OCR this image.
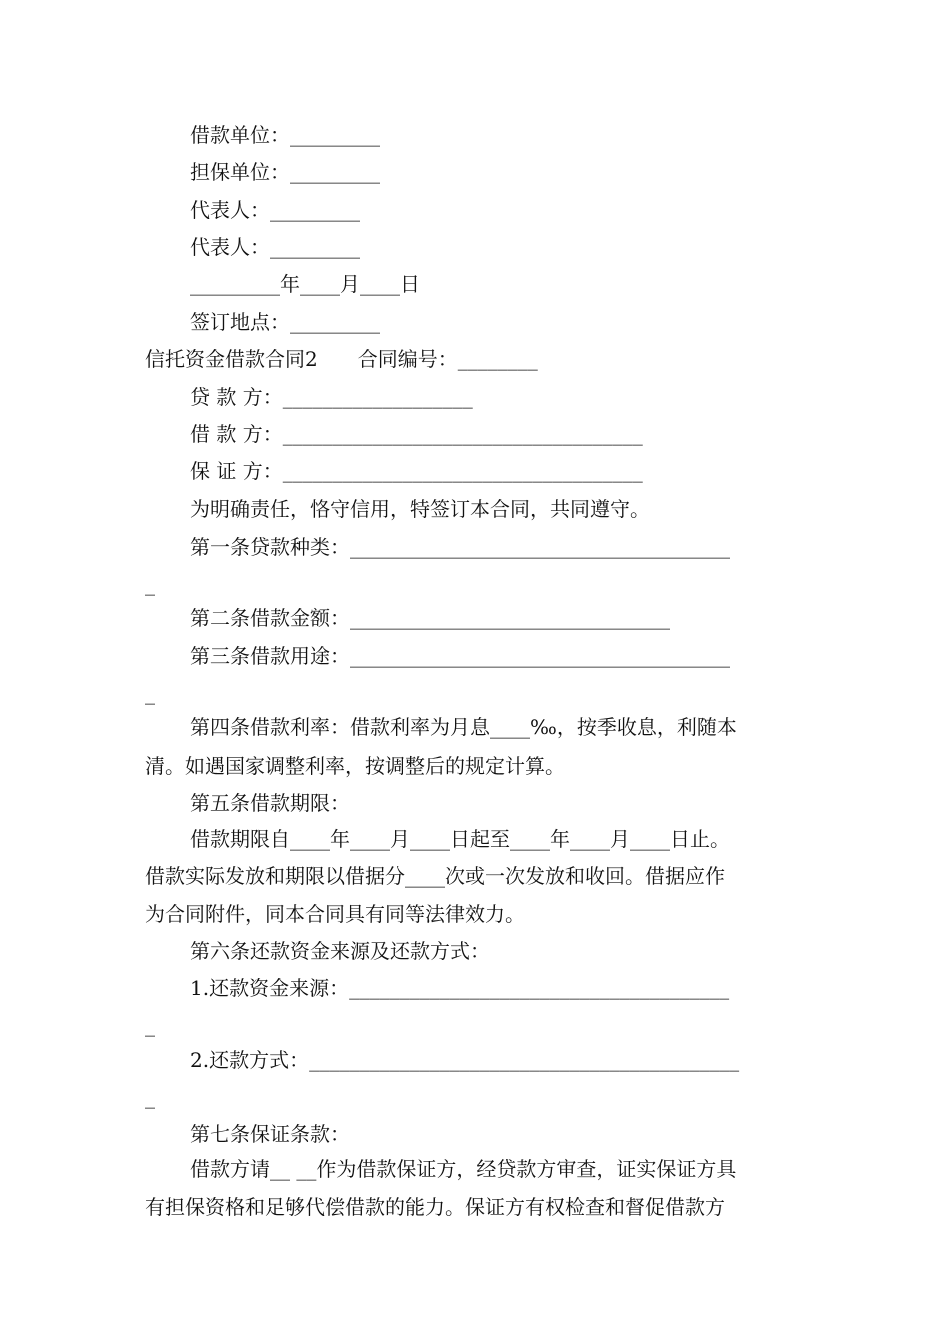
借款单位：_________
担保单位：_________
代表人：_________
代表人：_________
_________年____月____日
签订地点：_________
信托资金借款合同2　　合同编号：________
贷 款 方：___________________
借 款 方：____________________________________
保 证 方：____________________________________
为明确责任，恪守信用，特签订本合同，共同遵守。
第一条贷款种类：______________________________________
_
第二条借款金额：________________________________
第三条借款用途：______________________________________
_
第四条借款利率：借款利率为月息____‰，按季收息，利随本
清。如遇国家调整利率，按调整后的规定计算。
第五条借款期限：
借款期限自____年____月____日起至____年____月____日止。
借款实际发放和期限以借据分____次或一次发放和收回。借据应作
为合同附件，同本合同具有同等法律效力。
第六条还款资金来源及还款方式：
1.还款资金来源：______________________________________
_
2.还款方式：___________________________________________
_
第七条保证条款：
借款方请__ __作为借款保证方，经贷款方审查，证实保证方具
有担保资格和足够代偿借款的能力。保证方有权检查和督促借款方
